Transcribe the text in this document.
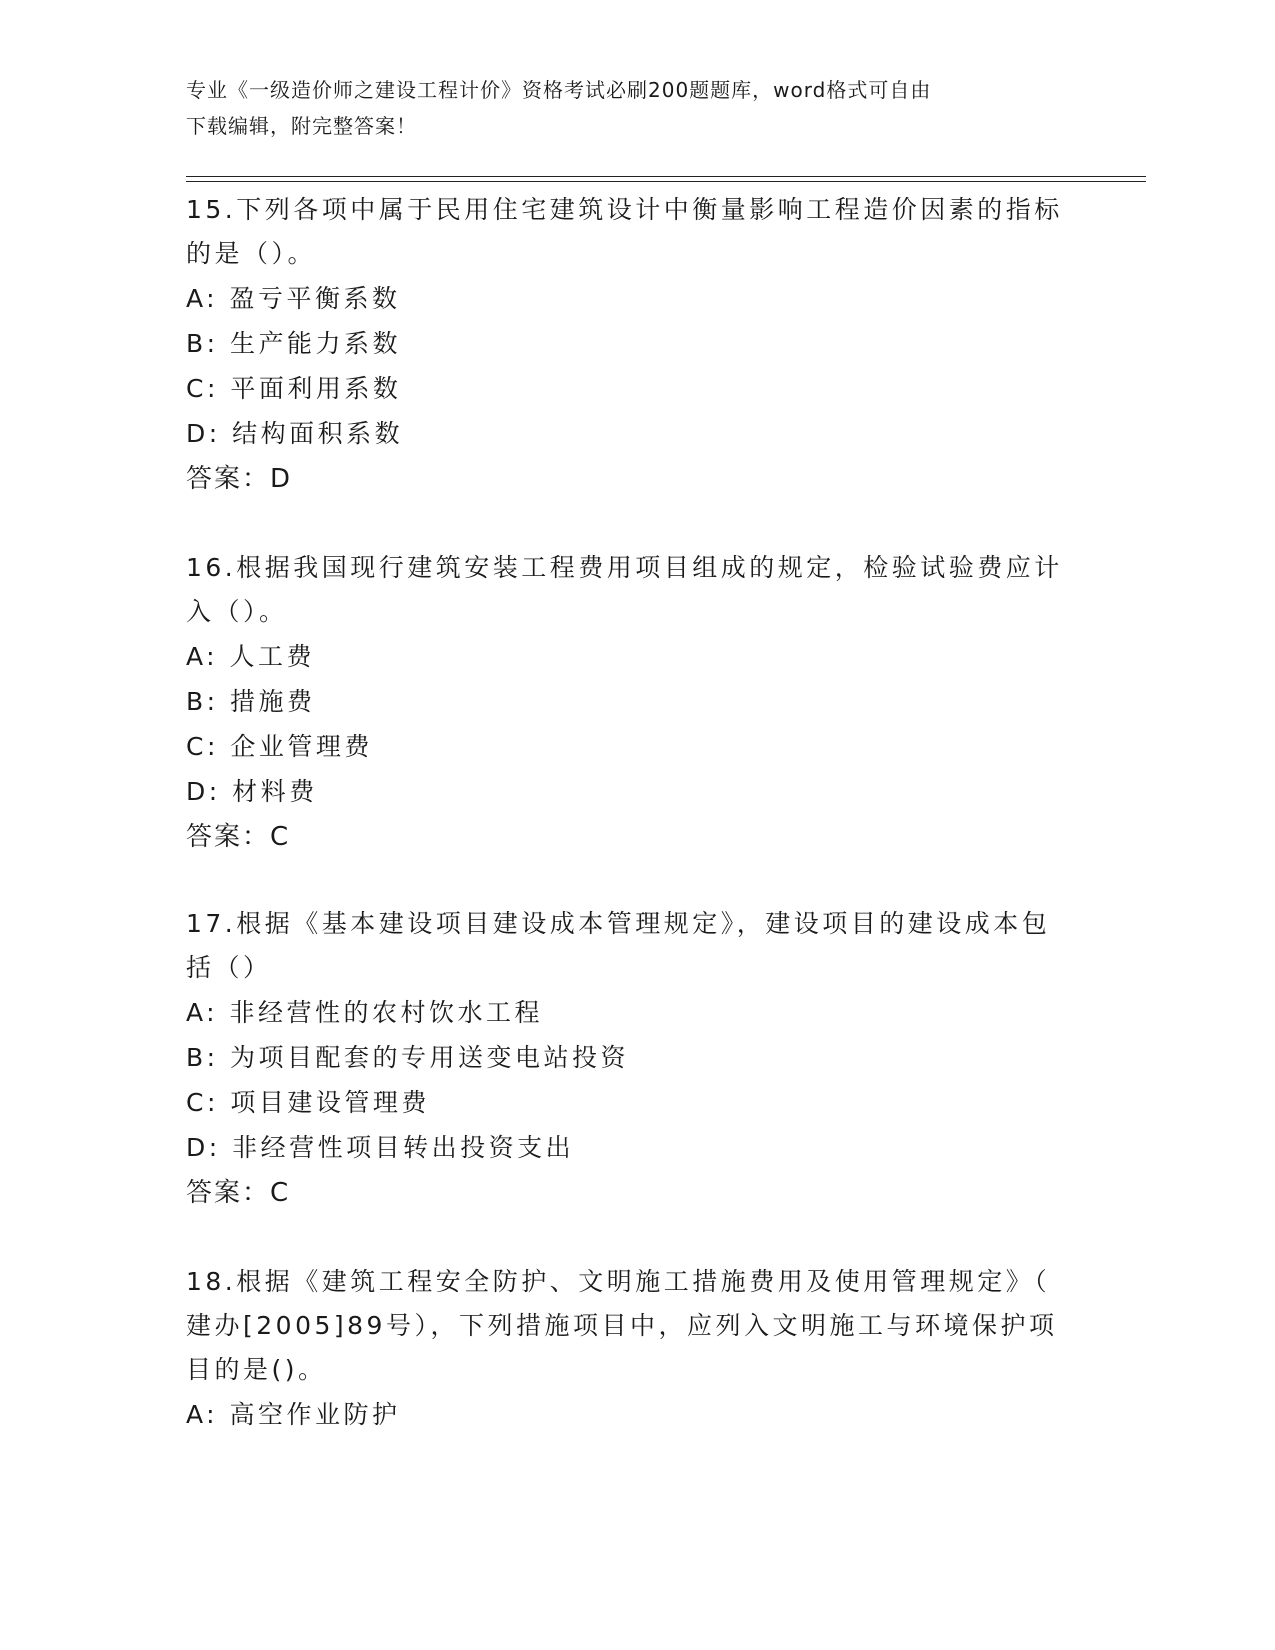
专业《一级造价师之建设工程计价》资格考试必刷200题题库，word格式可自由
下载编辑，附完整答案！

15.下列各项中属于民用住宅建筑设计中衡量影响工程造价因素的指标

的是（）。

A: 盈亏平衡系数

B: 生产能力系数

C: 平面利用系数

D: 结构面积系数

答案：D

16.根据我国现行建筑安装工程费用项目组成的规定，检验试验费应计

入（）。

A: 人工费

B: 措施费

C: 企业管理费

D: 材料费

答案：C

17.根据《基本建设项目建设成本管理规定》，建设项目的建设成本包

括（）

A: 非经营性的农村饮水工程

B: 为项目配套的专用送变电站投资

C: 项目建设管理费

D: 非经营性项目转出投资支出

答案：C

18.根据《建筑工程安全防护、文明施工措施费用及使用管理规定》（

建办[2005]89号），下列措施项目中，应列入文明施工与环境保护项

目的是()。

A: 高空作业防护
